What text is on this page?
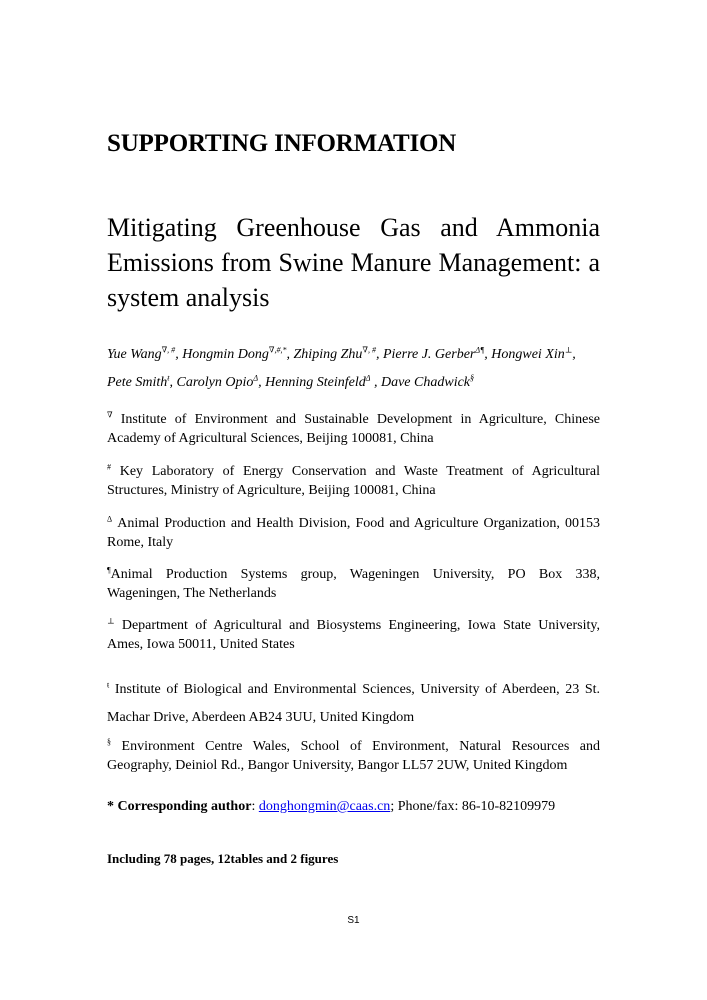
SUPPORTING INFORMATION
Mitigating Greenhouse Gas and Ammonia
Emissions from Swine Manure Management: a
system analysis
Yue Wang∇, #, Hongmin Dong∇,#,*, Zhiping Zhu∇, #, Pierre J. Gerber$^{\Delta\P}$, Hongwei Xin⊥,
Pete Smith$^ŧ$, Carolyn Opio$^\Delta$, Henning Steinfeld$^\Delta$ , Dave Chadwick§
∇ Institute of Environment and Sustainable Development in Agriculture, Chinese
Academy of Agricultural Sciences, Beijing 100081, China
# Key Laboratory of Energy Conservation and Waste Treatment of Agricultural
Structures, Ministry of Agriculture, Beijing 100081, China
$^\Delta$ Animal Production and Health Division, Food and Agriculture Organization, 00153
Rome, Italy
¶Animal Production Systems group, Wageningen University, PO Box 338,
Wageningen, The Netherlands
⊥ Department of Agricultural and Biosystems Engineering, Iowa State University,
Ames, Iowa 50011, United States
$^ŧ$ Institute of Biological and Environmental Sciences, University of Aberdeen, 23 St.
Machar Drive, Aberdeen AB24 3UU, United Kingdom
§ Environment Centre Wales, School of Environment, Natural Resources and
Geography, Deiniol Rd., Bangor University, Bangor LL57 2UW, United Kingdom
* Corresponding author: donghongmin@caas.cn; Phone/fax: 86-10-82109979
Including 78 pages, 12tables and 2 figures
S1
